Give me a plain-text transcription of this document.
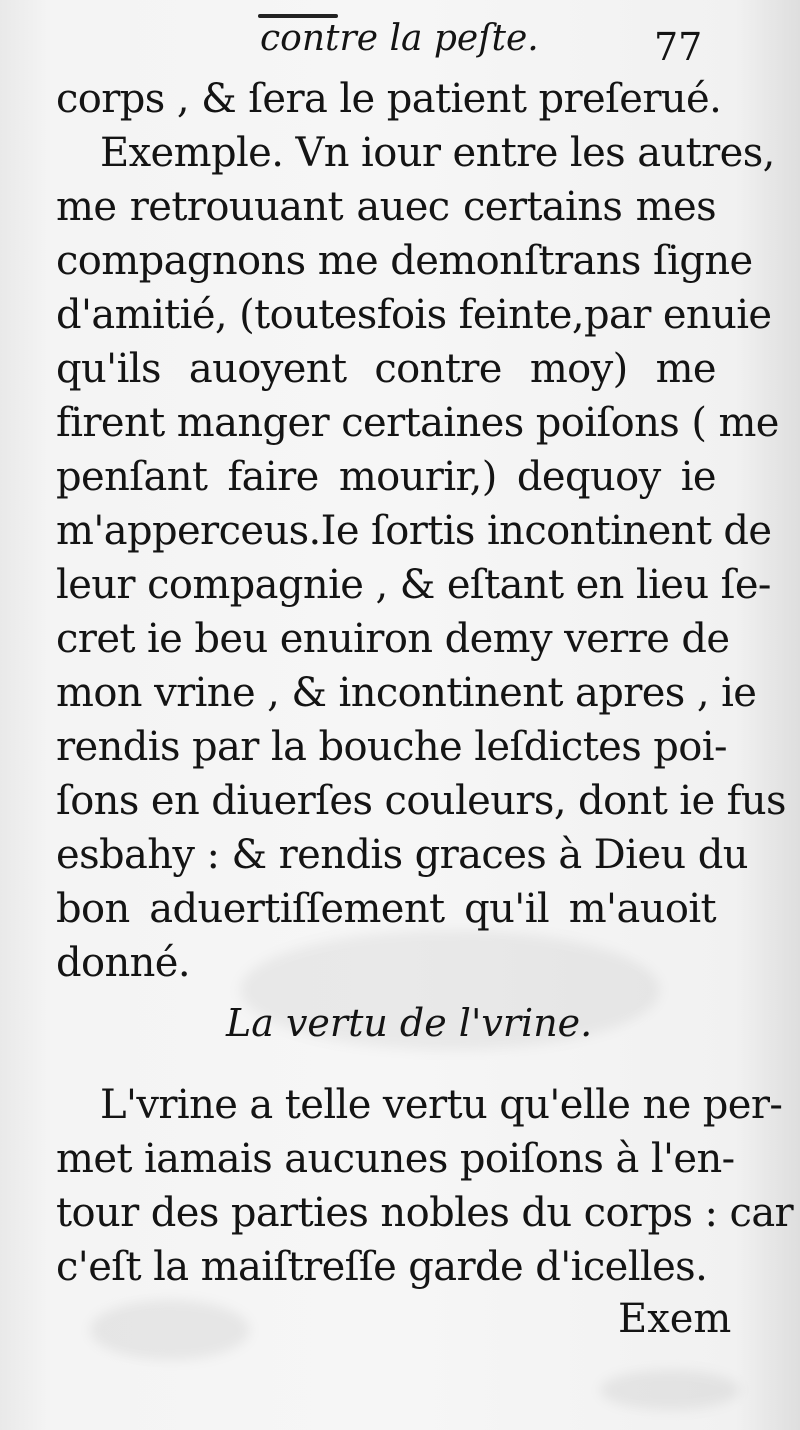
contre la peſte.	77
corps , & ſera le patient preſerué.
Exemple. Vn iour entre les autres,
me retrouuant auec certains mes
compagnons me demonſtrans ſigne
d'amitié, (toutesfois feinte,par enuie
qu'ils auoyent contre moy) me
firent manger certaines poiſons ( me
penſant faire mourir,) dequoy ie
m'apperceus.Ie ſortis incontinent de
leur compagnie , & eſtant en lieu ſe-
cret ie beu enuiron demy verre de
mon vrine , & incontinent apres , ie
rendis par la bouche leſdictes poi-
ſons en diuerſes couleurs, dont ie fus
esbahy : & rendis graces à Dieu du
bon aduertiſſement qu'il m'auoit
donné.
La vertu de l'vrine.
L'vrine a telle vertu qu'elle ne per-
met iamais aucunes poiſons à l'en-
tour des parties nobles du corps : car
c'eſt la maiſtreſſe garde d'icelles.
Exem
